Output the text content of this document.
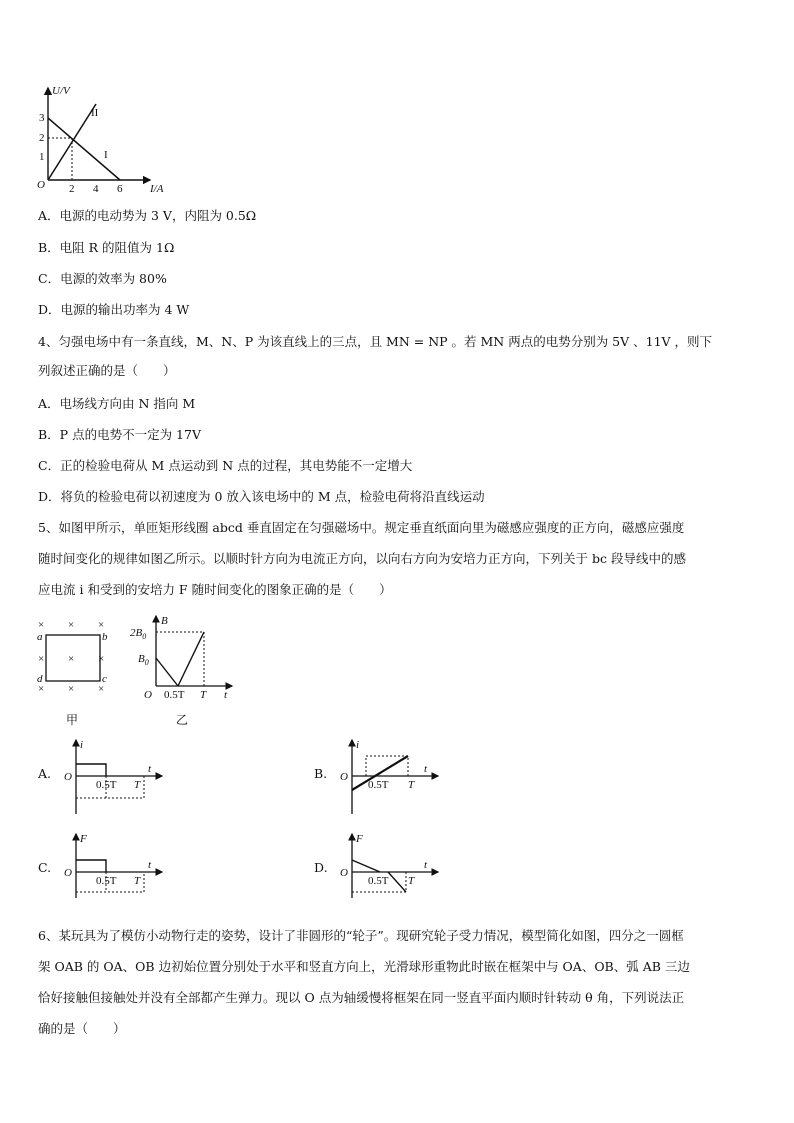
U/V
I/A
O
3
2
1
2 4 6
I
II
A．电源的电动势为 3 V，内阻为 0.5Ω
B．电阻 R 的阻值为 1Ω
C．电源的效率为 80%
D．电源的输出功率为 4 W
4、匀强电场中有一条直线，M、N、P 为该直线上的三点，且 MN = NP 。若 MN 两点的电势分别为 5V 、11V ，则下
列叙述正确的是（　　）
A．电场线方向由 N 指向 M
B．P 点的电势不一定为 17V
C．正的检验电荷从 M 点运动到 N 点的过程，其电势能不一定增大
D．将负的检验电荷以初速度为 0 放入该电场中的 M 点，检验电荷将沿直线运动
5、如图甲所示，单匝矩形线圈 abcd 垂直固定在匀强磁场中。规定垂直纸面向里为磁感应强度的正方向，磁感应强度
随时间变化的规律如图乙所示。以顺时针方向为电流正方向，以向右方向为安培力正方向，下列关于 bc 段导线中的感
应电流 i 和受到的安培力 F 随时间变化的图象正确的是（　　）
× × ×
× × ×
× × ×
a	b
c
d
甲
B
t
O
$2B_0$
$B_0$
0.5T T
乙
A.
i
t
O
0.5T T
B.
i
t
O
0.5T T
C.
F
t
O
0.5T T
D.
F
t
O
0.5T T
6、某玩具为了模仿小动物行走的姿势，设计了非圆形的“轮子”。现研究轮子受力情况，模型简化如图，四分之一圆框
架 OAB 的 OA、OB 边初始位置分别处于水平和竖直方向上，光滑球形重物此时嵌在框架中与 OA、OB、弧 AB 三边
恰好接触但接触处并没有全部都产生弹力。现以 O 点为轴缓慢将框架在同一竖直平面内顺时针转动 θ 角，下列说法正
确的是（　　）
